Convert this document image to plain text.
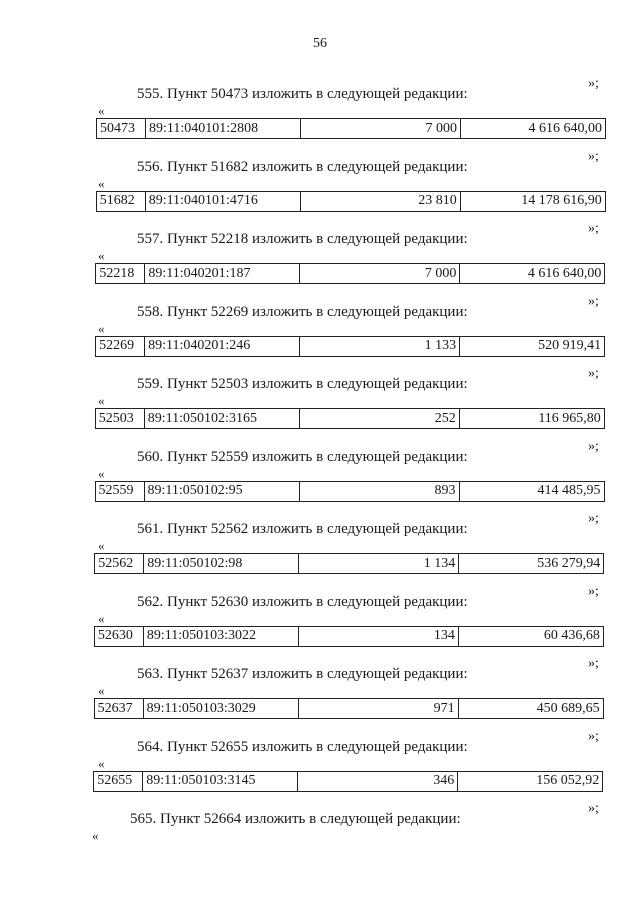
56
»;
555. Пункт 50473 изложить в следующей редакции:
«
50473	89:11:040101:2808	7 000	4 616 640,00
»;
556. Пункт 51682 изложить в следующей редакции:
«
51682	89:11:040101:4716	23 810	14 178 616,90
»;
557. Пункт 52218 изложить в следующей редакции:
«
52218	89:11:040201:187	7 000	4 616 640,00
»;
558. Пункт 52269 изложить в следующей редакции:
«
52269	89:11:040201:246	1 133	520 919,41
»;
559. Пункт 52503 изложить в следующей редакции:
«
52503	89:11:050102:3165	252	116 965,80
»;
560. Пункт 52559 изложить в следующей редакции:
«
52559	89:11:050102:95	893	414 485,95
»;
561. Пункт 52562 изложить в следующей редакции:
«
52562	89:11:050102:98	1 134	536 279,94
»;
562. Пункт 52630 изложить в следующей редакции:
«
52630	89:11:050103:3022	134	60 436,68
»;
563. Пункт 52637 изложить в следующей редакции:
«
52637	89:11:050103:3029	971	450 689,65
»;
564. Пункт 52655 изложить в следующей редакции:
«
52655	89:11:050103:3145	346	156 052,92
»;
565. Пункт 52664 изложить в следующей редакции:
«
